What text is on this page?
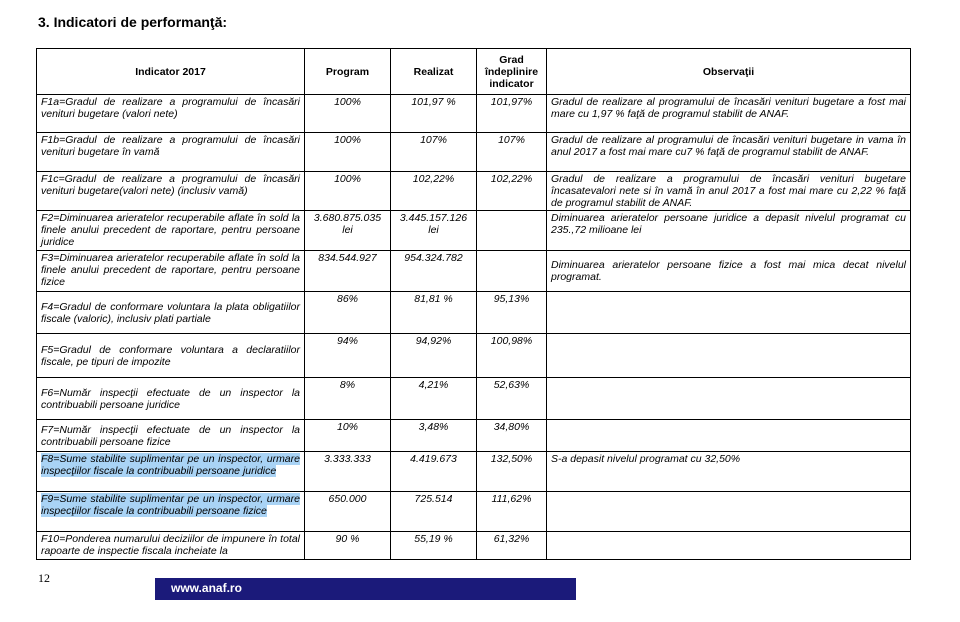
3. Indicatori de performanţă:
Indicator 2017	Program	Realizat	Grad
îndeplinire
indicator	Observaţii
F1a=Gradul de realizare a programului de încasări venituri bugetare (valori nete)	100%	101,97 %	101,97%	Gradul de realizare al programului de încasări venituri bugetare a fost mai mare cu 1,97 % faţă de programul stabilit de ANAF.
F1b=Gradul de realizare a programului de încasări venituri bugetare în vamă	100%	107%	107%	Gradul de realizare al programului de încasări venituri bugetare in vama în anul 2017 a fost mai mare cu7 % faţă de programul stabilit de ANAF.
F1c=Gradul de realizare a programului de încasări venituri bugetare(valori nete) (inclusiv vamă)	100%	102,22%	102,22%	Gradul de realizare a programului de încasări venituri bugetare încasatevalori nete si în vamă în anul 2017 a fost mai mare cu 2,22 % faţă de programul stabilit de ANAF.
F2=Diminuarea arieratelor recuperabile aflate în sold la finele anului precedent de raportare, pentru persoane juridice	3.680.875.035 lei	3.445.157.126 lei		Diminuarea arieratelor persoane juridice a depasit nivelul programat cu 235.,72 milioane lei
F3=Diminuarea arieratelor recuperabile aflate în sold la finele anului precedent de raportare, pentru persoane fizice	834.544.927	954.324.782		Diminuarea arieratelor persoane fizice a fost mai mica decat nivelul programat.
F4=Gradul de conformare voluntara la plata obligatiilor fiscale (valoric), inclusiv plati partiale	86%	81,81 %	95,13%	
F5=Gradul de conformare voluntara a declaratiilor fiscale, pe tipuri de impozite	94%	94,92%	100,98%	
F6=Număr inspecţii efectuate de un inspector la contribuabili persoane juridice	8%	4,21%	52,63%	
F7=Număr inspecţii efectuate de un inspector la contribuabili persoane fizice	10%	3,48%	34,80%	
F8=Sume stabilite suplimentar pe un inspector, urmare inspecţiilor fiscale la contribuabili persoane juridice	3.333.333	4.419.673	132,50%	S-a depasit nivelul programat cu 32,50%
F9=Sume stabilite suplimentar pe un inspector, urmare inspecţiilor fiscale la contribuabili persoane fizice	650.000	725.514	111,62%	
F10=Ponderea numarului deciziilor de impunere în total rapoarte de inspectie fiscala incheiate la	90 %	55,19 %	61,32%	
12
www.anaf.ro
